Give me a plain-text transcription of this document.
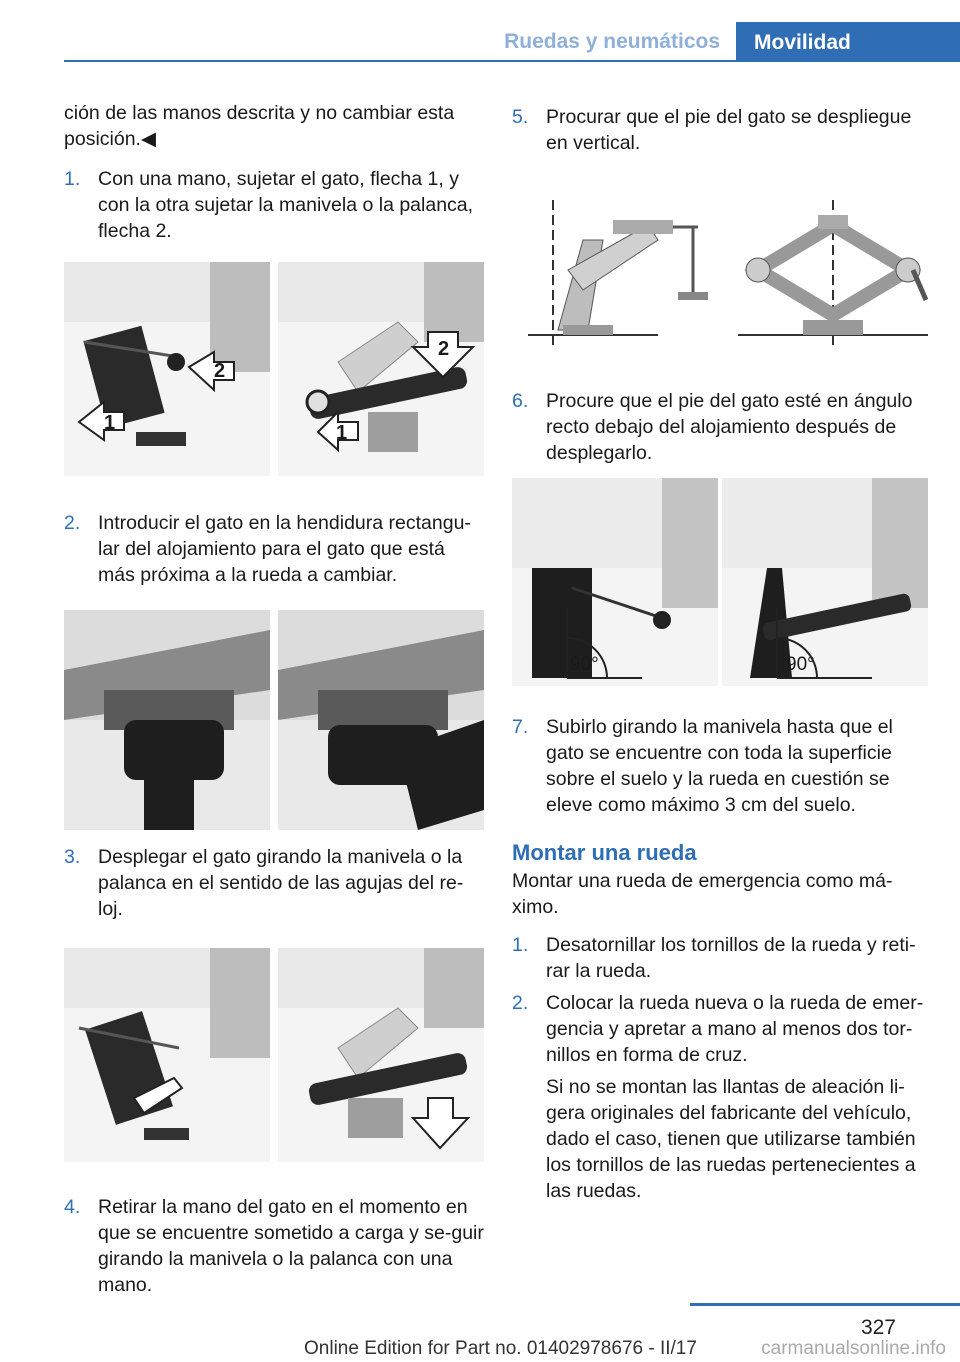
Ruedas y neumáticos	Movilidad
ción de las manos descrita y no cambiar esta posición.◀
1. Con una mano, sujetar el gato, flecha 1, y con la otra sujetar la manivela o la palanca, flecha 2.
2
1
2
1
2. Introducir el gato en la hendidura rectangu‐lar del alojamiento para el gato que está más próxima a la rueda a cambiar.
3. Desplegar el gato girando la manivela o la palanca en el sentido de las agujas del re‐loj.
4. Retirar la mano del gato en el momento en que se encuentre sometido a carga y se‐guir girando la manivela o la palanca con una mano.
5. Procurar que el pie del gato se despliegue en vertical.
6. Procure que el pie del gato esté en ángulo recto debajo del alojamiento después de desplegarlo.
90°	90°
7. Subirlo girando la manivela hasta que el gato se encuentre con toda la superficie sobre el suelo y la rueda en cuestión se eleve como máximo 3 cm del suelo.
Montar una rueda
Montar una rueda de emergencia como má‐ximo.
1. Desatornillar los tornillos de la rueda y reti‐rar la rueda.
2. Colocar la rueda nueva o la rueda de emer‐gencia y apretar a mano al menos dos tor‐nillos en forma de cruz.
Si no se montan las llantas de aleación li‐gera originales del fabricante del vehículo, dado el caso, tienen que utilizarse también los tornillos de las ruedas pertenecientes a las ruedas.
327
Online Edition for Part no. 01402978676 - II/17	carmanualsonline.info
